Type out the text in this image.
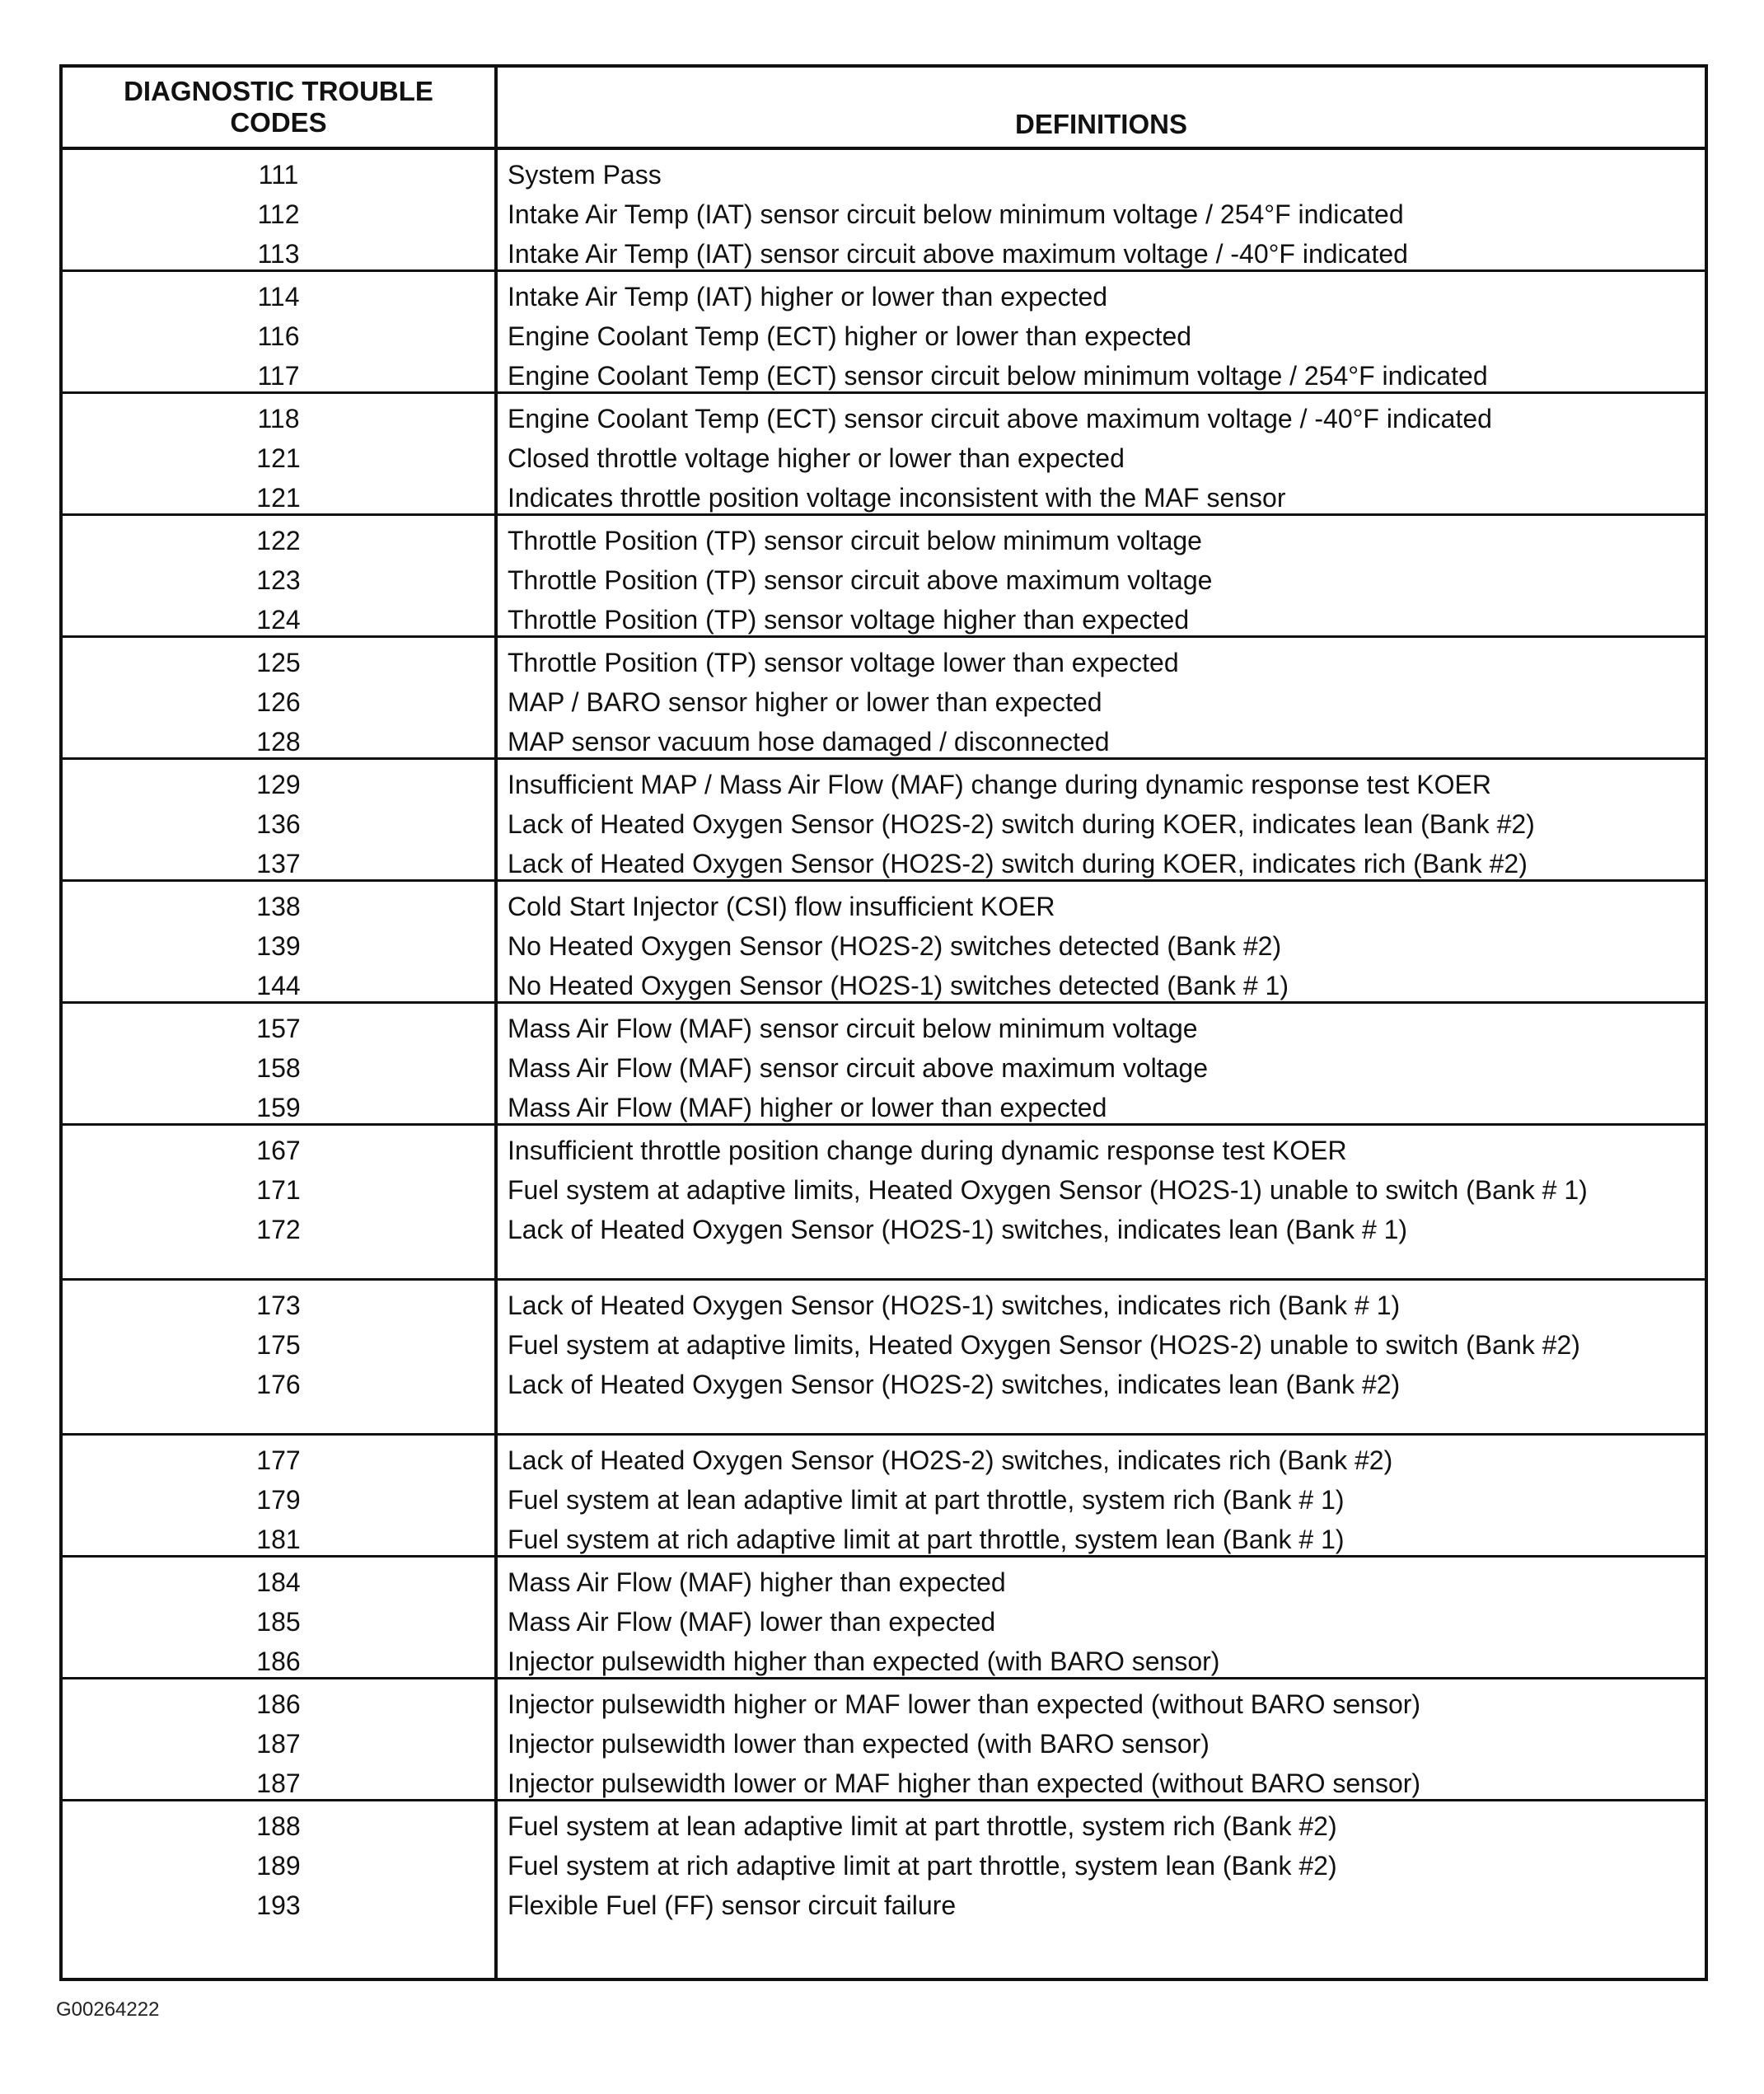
DIAGNOSTIC TROUBLE
CODES	DEFINITIONS
111	System Pass
112	Intake Air Temp (IAT) sensor circuit below minimum voltage / 254°F indicated
113	Intake Air Temp (IAT) sensor circuit above maximum voltage / -40°F indicated
114	Intake Air Temp (IAT) higher or lower than expected
116	Engine Coolant Temp (ECT) higher or lower than expected
117	Engine Coolant Temp (ECT) sensor circuit below minimum voltage / 254°F indicated
118	Engine Coolant Temp (ECT) sensor circuit above maximum voltage / -40°F indicated
121	Closed throttle voltage higher or lower than expected
121	Indicates throttle position voltage inconsistent with the MAF sensor
122	Throttle Position (TP) sensor circuit below minimum voltage
123	Throttle Position (TP) sensor circuit above maximum voltage
124	Throttle Position (TP) sensor voltage higher than expected
125	Throttle Position (TP) sensor voltage lower than expected
126	MAP / BARO sensor higher or lower than expected
128	MAP sensor vacuum hose damaged / disconnected
129	Insufficient MAP / Mass Air Flow (MAF) change during dynamic response test KOER
136	Lack of Heated Oxygen Sensor (HO2S-2) switch during KOER, indicates lean (Bank #2)
137	Lack of Heated Oxygen Sensor (HO2S-2) switch during KOER, indicates rich (Bank #2)
138	Cold Start Injector (CSI) flow insufficient KOER
139	No Heated Oxygen Sensor (HO2S-2) switches detected (Bank #2)
144	No Heated Oxygen Sensor (HO2S-1) switches detected (Bank # 1)
157	Mass Air Flow (MAF) sensor circuit below minimum voltage
158	Mass Air Flow (MAF) sensor circuit above maximum voltage
159	Mass Air Flow (MAF) higher or lower than expected
167	Insufficient throttle position change during dynamic response test KOER
171	Fuel system at adaptive limits, Heated Oxygen Sensor (HO2S-1) unable to switch (Bank # 1)
172	Lack of Heated Oxygen Sensor (HO2S-1) switches, indicates lean (Bank # 1)
173	Lack of Heated Oxygen Sensor (HO2S-1) switches, indicates rich (Bank # 1)
175	Fuel system at adaptive limits, Heated Oxygen Sensor (HO2S-2) unable to switch (Bank #2)
176	Lack of Heated Oxygen Sensor (HO2S-2) switches, indicates lean (Bank #2)
177	Lack of Heated Oxygen Sensor (HO2S-2) switches, indicates rich (Bank #2)
179	Fuel system at lean adaptive limit at part throttle, system rich (Bank # 1)
181	Fuel system at rich adaptive limit at part throttle, system lean (Bank # 1)
184	Mass Air Flow (MAF) higher than expected
185	Mass Air Flow (MAF) lower than expected
186	Injector pulsewidth higher than expected (with BARO sensor)
186	Injector pulsewidth higher or MAF lower than expected (without BARO sensor)
187	Injector pulsewidth lower than expected (with BARO sensor)
187	Injector pulsewidth lower or MAF higher than expected (without BARO sensor)
188	Fuel system at lean adaptive limit at part throttle, system rich (Bank #2)
189	Fuel system at rich adaptive limit at part throttle, system lean (Bank #2)
193	Flexible Fuel (FF) sensor circuit failure
G00264222
